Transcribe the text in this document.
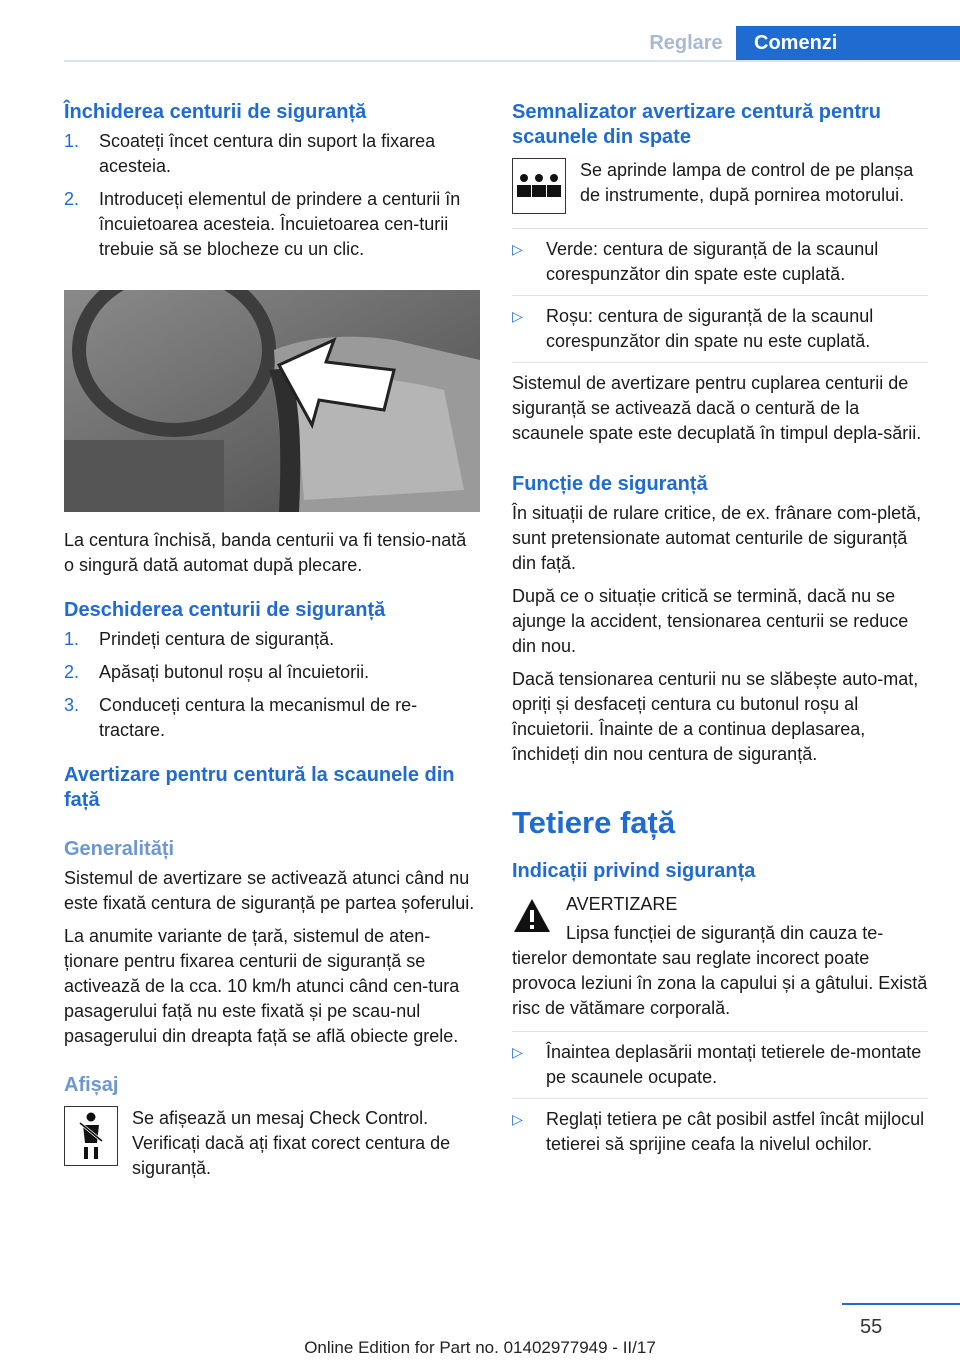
Reglare	Comenzi
Închiderea centurii de siguranță
1.	Scoateți încet centura din suport la fixarea acesteia.
2.	Introduceți elementul de prindere a centurii în încuietoarea acesteia. Încuietoarea cen‐turii trebuie să se blocheze cu un clic.

La centura închisă, banda centurii va fi tensio‐nată o singură dată automat după plecare.

Deschiderea centurii de siguranță
1.	Prindeți centura de siguranță.
2.	Apăsați butonul roșu al încuietorii.
3.	Conduceți centura la mecanismul de re‐tractare.
Avertizare pentru centură la scaunele din față
Generalități

Sistemul de avertizare se activează atunci când nu este fixată centura de siguranță pe partea șoferului.

La anumite variante de țară, sistemul de aten‐ționare pentru fixarea centurii de siguranță se activează de la cca. 10 km/h atunci când cen‐tura pasagerului față nu este fixată și pe scau‐nul pasagerului din dreapta față se află obiecte grele.

Afișaj
Se afișează un mesaj Check Control. Verificați dacă ați fixat corect centura de siguranță.
Semnalizator avertizare centură pentru scaunele din spate
Se aprinde lampa de control de pe planșa de instrumente, după pornirea motorului.
▷	Verde: centura de siguranță de la scaunul corespunzător din spate este cuplată.
▷	Roșu: centura de siguranță de la scaunul corespunzător din spate nu este cuplată.

Sistemul de avertizare pentru cuplarea centurii de siguranță se activează dacă o centură de la scaunele spate este decuplată în timpul depla‐sării.

Funcție de siguranță

În situații de rulare critice, de ex. frânare com‐pletă, sunt pretensionate automat centurile de siguranță din față.

După ce o situație critică se termină, dacă nu se ajunge la accident, tensionarea centurii se reduce din nou.

Dacă tensionarea centurii nu se slăbește auto‐mat, opriți și desfaceți centura cu butonul roșu al încuietorii. Înainte de a continua deplasarea, închideți din nou centura de siguranță.

Tetiere față
Indicații privind siguranța

AVERTIZARE

Lipsa funcției de siguranță din cauza te‐tierelor demontate sau reglate incorect poate provoca leziuni în zona la capului și a gâtului. Există risc de vătămare corporală.

▷	Înaintea deplasării montați tetierele de‐montate pe scaunele ocupate.
▷	Reglați tetiera pe cât posibil astfel încât mijlocul tetierei să sprijine ceafa la nivelul ochilor.
55
Online Edition for Part no. 01402977949 - II/17
